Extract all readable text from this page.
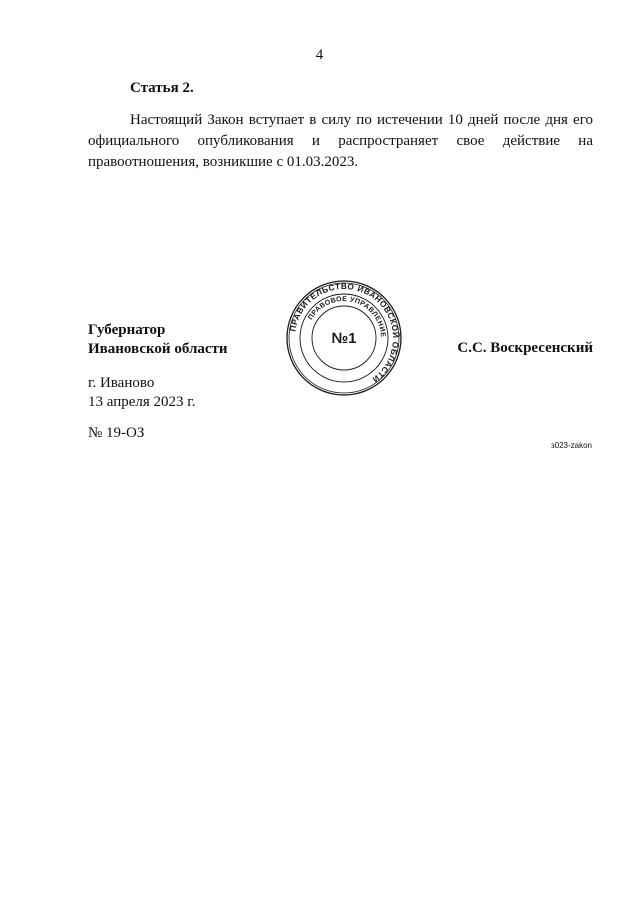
4
Статья 2.
Настоящий Закон вступает в силу по истечении 10 дней после дня его официального опубликования и распространяет свое действие на правоотношения, возникшие с 01.03.2023.
Губернатор
Ивановской области
ПРАВИТЕЛЬСТВО ИВАНОВСКОЙ ОБЛАСТИ
ПРАВОВОЕ УПРАВЛЕНИЕ
№1
С.С. Воскресенский
г. Иваново
13 апреля 2023 г.
№ 19-ОЗ
з023-zakon
